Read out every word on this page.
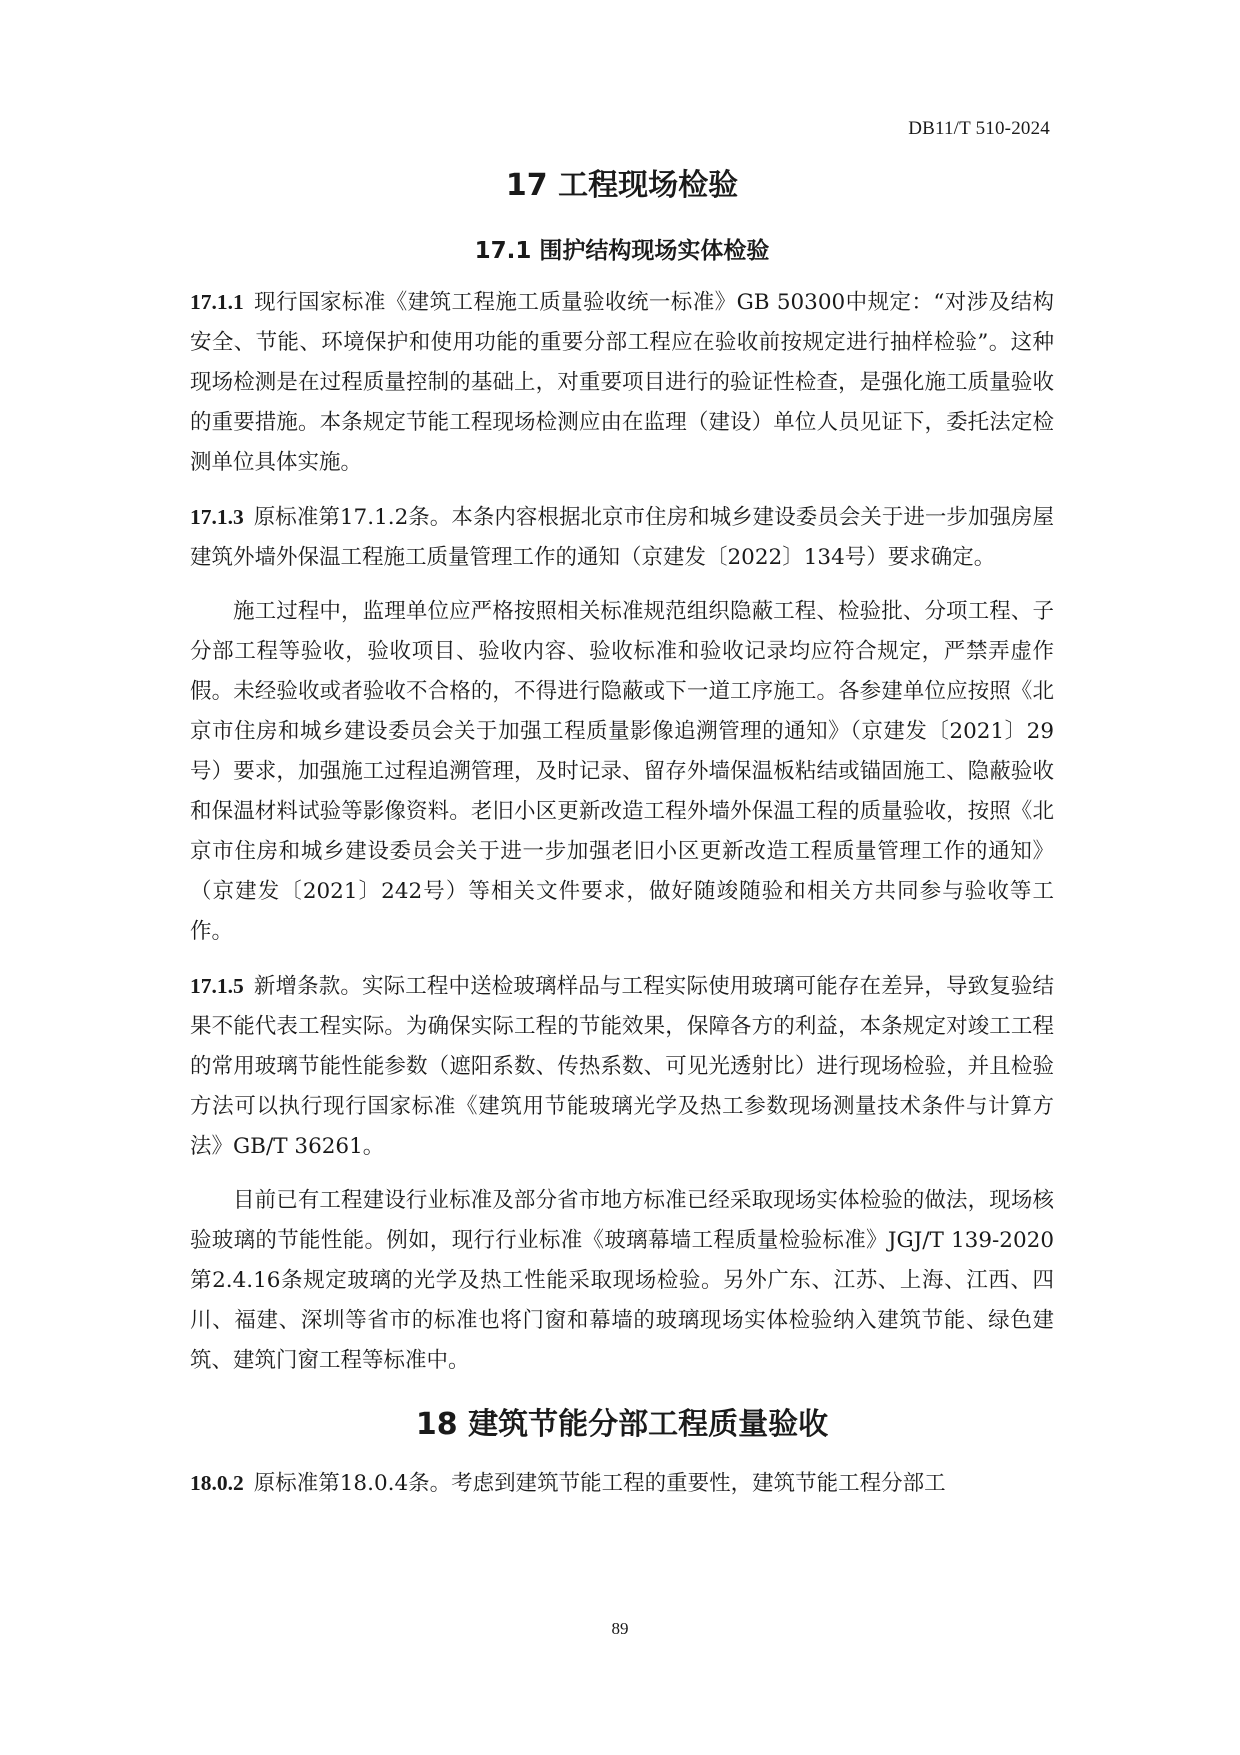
DB11/T 510-2024
17 工程现场检验
17.1 围护结构现场实体检验

17.1.1 现行国家标准《建筑工程施工质量验收统一标准》GB 50300中规定：“对涉及结构安全、节能、环境保护和使用功能的重要分部工程应在验收前按规定进行抽样检验”。这种现场检测是在过程质量控制的基础上，对重要项目进行的验证性检查，是强化施工质量验收的重要措施。本条规定节能工程现场检测应由在监理（建设）单位人员见证下，委托法定检测单位具体实施。

17.1.3 原标准第17.1.2条。本条内容根据北京市住房和城乡建设委员会关于进一步加强房屋建筑外墙外保温工程施工质量管理工作的通知（京建发〔2022〕134号）要求确定。

施工过程中，监理单位应严格按照相关标准规范组织隐蔽工程、检验批、分项工程、子分部工程等验收，验收项目、验收内容、验收标准和验收记录均应符合规定，严禁弄虚作假。未经验收或者验收不合格的，不得进行隐蔽或下一道工序施工。各参建单位应按照《北京市住房和城乡建设委员会关于加强工程质量影像追溯管理的通知》（京建发〔2021〕29号）要求，加强施工过程追溯管理，及时记录、留存外墙保温板粘结或锚固施工、隐蔽验收和保温材料试验等影像资料。老旧小区更新改造工程外墙外保温工程的质量验收，按照《北京市住房和城乡建设委员会关于进一步加强老旧小区更新改造工程质量管理工作的通知》（京建发〔2021〕242号）等相关文件要求，做好随竣随验和相关方共同参与验收等工作。

17.1.5 新增条款。实际工程中送检玻璃样品与工程实际使用玻璃可能存在差异，导致复验结果不能代表工程实际。为确保实际工程的节能效果，保障各方的利益，本条规定对竣工工程的常用玻璃节能性能参数（遮阳系数、传热系数、可见光透射比）进行现场检验，并且检验方法可以执行现行国家标准《建筑用节能玻璃光学及热工参数现场测量技术条件与计算方法》GB/T 36261。

目前已有工程建设行业标准及部分省市地方标准已经采取现场实体检验的做法，现场核验玻璃的节能性能。例如，现行行业标准《玻璃幕墙工程质量检验标准》JGJ/T 139-2020第2.4.16条规定玻璃的光学及热工性能采取现场检验。另外广东、江苏、上海、江西、四川、福建、深圳等省市的标准也将门窗和幕墙的玻璃现场实体检验纳入建筑节能、绿色建筑、建筑门窗工程等标准中。

18 建筑节能分部工程质量验收

18.0.2 原标准第18.0.4条。考虑到建筑节能工程的重要性，建筑节能工程分部工

89
